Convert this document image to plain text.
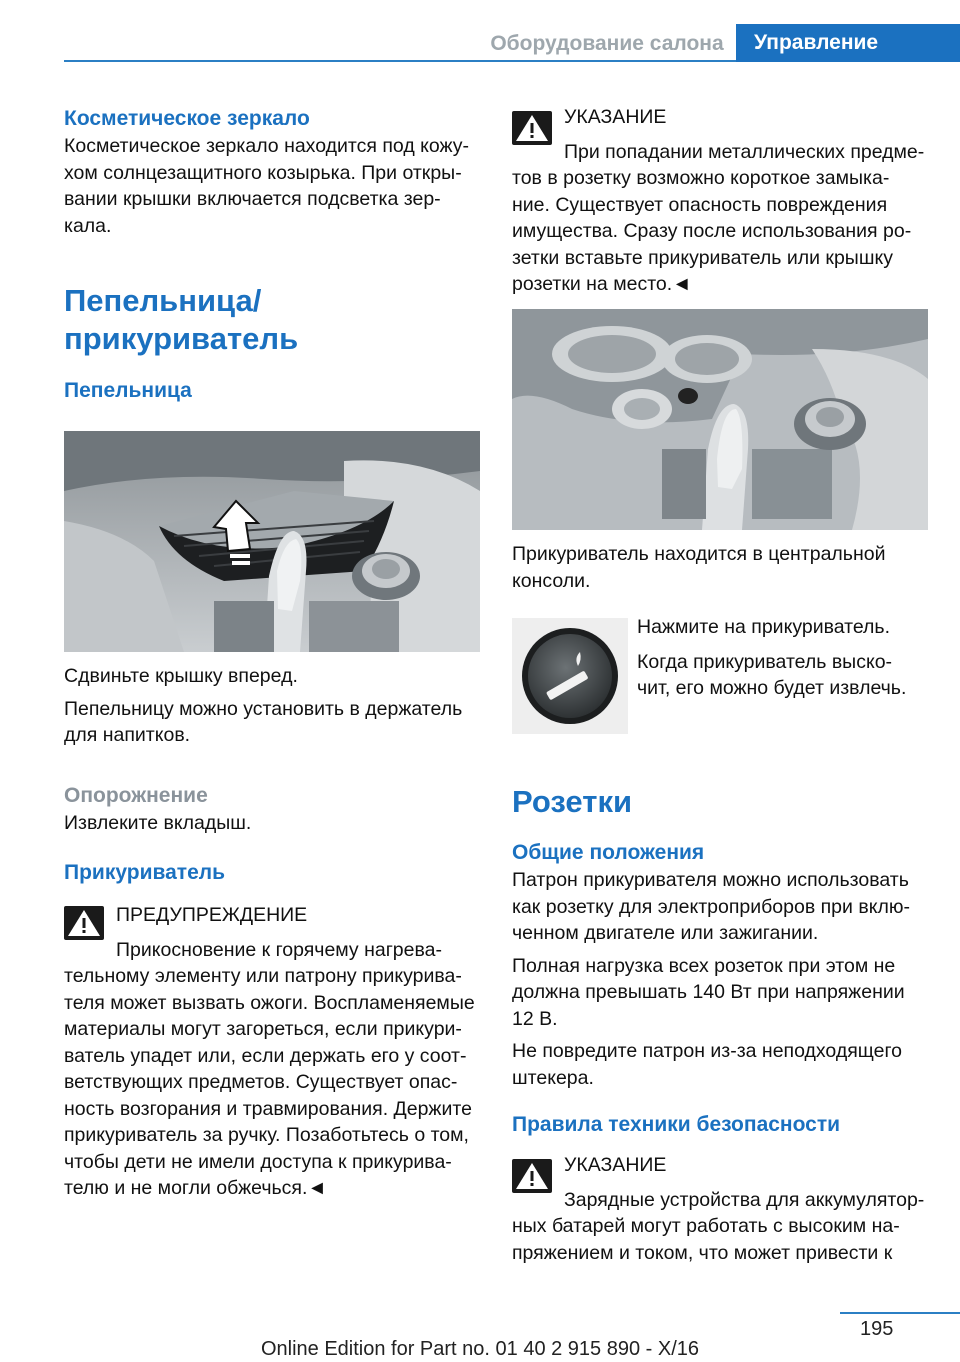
Оборудование салона	Управление

Косметическое зеркало

Косметическое зеркало находится под кожу-
хом солнцезащитного козырька. При откры-
вании крышки включается подсветка зер-
кала.

Пепельница/прикуриватель

Пепельница

Сдвиньте крышку вперед.

Пепельницу можно установить в держатель
для напитков.

Опорожнение

Извлеките вкладыш.

Прикуриватель

ПРЕДУПРЕЖДЕНИЕ

Прикосновение к горячему нагрева-

тельному элементу или патрону прикурива-
теля может вызвать ожоги. Воспламеняемые
материалы могут загореться, если прикури-
ватель упадет или, если держать его у соот-
ветствующих предметов. Существует опас-
ность возгорания и травмирования. Держите
прикуриватель за ручку. Позаботьтесь о том,
чтобы дети не имели доступа к прикурива-
телю и не могли обжечься.◄

УКАЗАНИЕ

При попадании металлических предме-

тов в розетку возможно короткое замыка-
ние. Существует опасность повреждения
имущества. Сразу после использования ро-
зетки вставьте прикуриватель или крышку
розетки на место.◄
Прикуриватель находится в центральной
консоли.

Нажмите на прикуриватель.

Когда прикуриватель выско-
чит, его можно будет извлечь.

Розетки

Общие положения

Патрон прикуривателя можно использовать
как розетку для электроприборов при вклю-
ченном двигателе или зажигании.

Полная нагрузка всех розеток при этом не
должна превышать 140 Вт при напряжении
12 В.

Не повредите патрон из-за неподходящего
штекера.

Правила техники безопасности

УКАЗАНИЕ

Зарядные устройства для аккумулятор-

ных батарей могут работать с высоким на-
пряжением и током, что может привести к
195
Online Edition for Part no. 01 40 2 915 890 - X/16
